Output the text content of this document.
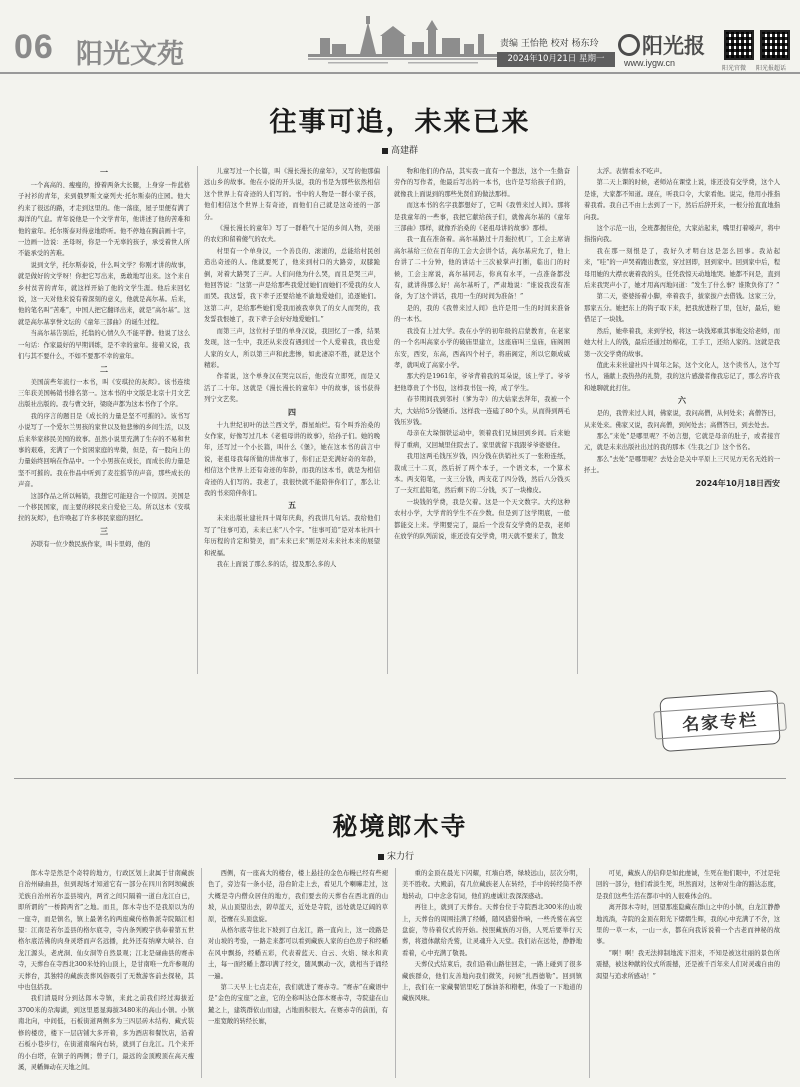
06 阳光文苑	责编 王怡艳 校对 杨东玲
2024年10月21日 星期一
阳光报
www.iygw.cn
阳光官微 阳光报超话
往事可追，未来已来
高建群

一

一个高高的、瘦瘦的，撩着两条大长腿，上身穿一件蓝格子衬衫的青年，来到俄罗斯文豪列夫·托尔斯泰的庄园。他大约来了很远的路，才走到这里的。他一落座，屋子里便有满了海洋的气息。青年说他是一个文学青年，他讲述了他的苦难和他的童年。托尔斯泰对得意地聆听。他不停地在胸前画十字，一边画一边说：圣母呀，你是一个无辜的孩子，承受着世人所不能承受的苦难。

说到文学，托尔斯泰说，什么叫文学？你刚才讲的故事，就是做好的文学呀！你把它写出来，勇敢地写出来。这个来自乡村贫苦的青年，就这样开始了他的文学生涯。他后来回忆说，这一天对他来说有着深刻的意义，他就是高尔基。后来，他的笔名叫“苦难”，中国人把它翻译出来，就是“高尔基”。这就是高尔基享誉文坛的《童年三部曲》的诞生过程。

当高尔基告别后，托翁的心情久久不能平静。他说了这么一句话：作家最好的早期训练，是不幸的童年。接着又说，我们与其不要什么，不如不要那不幸的童年。

二

美国前些年流行一本书，叫《安琪拉的灰烬》。该书连续三年获美国畅销书排名第一。这本书的中文版是北京十月文艺出版社出版的。我与曹文轩，梁晓声都为这本书作了个序。

我的序言的题目是《成长的力量是坚不可摧的》。该书写小说写了一个爱尔兰男孩的家世以及他悲惨的乡间生活，以及后来举家移民美国的故事。虽然小说里充满了生存的不易和世事的艰难，充满了一个贫困家庭的卑微，但是，有一股向上的力量始终回响在作品中。一个小男孩在成长，而成长的力量是坚不可摧的。我在作品中听到了麦茬摇节的声音，那些成长的声音。

这部作品之所以畅销，我想它可能迎合一个原因。美国是一个移民国家，而主要的移民来自爱伦三岛。所以这本《安琪拉的灰烬》，也许唤起了许多移民家庭的回忆。

三

苏联有一位少数民族作家，叫卡里姆，他的

儿童写过一个长篇，叫《漫长漫长的童年》，又写的他那偏远山乡的故事。他在小说的开头说，我的书是为那些依然相信这个世界上有奇迹的人们写的。书中的人物是一群小家子孩，他们相信这个世界上有奇迹，而他们自己就是这奇迹的一部分。

《漫长漫长的童年》写了一群稚气十足的乡间人物，美丽的农妇和留着傻气的农夫。

村里有一个单身汉，一个善良的、滚滚的，总能给村民创造出奇迹的人。他就要死了，他来到村口的大路旁，双膝跪倒，对着大路哭了三声。人们问他为什么哭，而且是哭三声，他回答说：“这第一声是给那些我爱过她们而她们不爱我的女人而哭。我这誓，我下辈子还要给她不渝地爱她们，追逐她们。这第二声，是给那些她们爱我而被我辜负了的女人而哭的，我发誓我恨她了，我下辈子会好好地爱她们。”

而第三声，这位村子里的单身汉说，我回忆了一番，结果发现，这一生中，我还从来没有遇到过一个人爱着我，我也爱人家的女人，所以第三声和此悲惨，如此凄凉不胜，就是这个精彩。

作者说，这个单身汉在哭完以后，他没有立即死，而是又活了二十年。这就是《漫长漫长的童年》中的故事，该书获得列宁文艺奖。

四

十九世纪初叶的法兰西文学，群星灿烂。有个叫乔治桑的女作家，好像写过几本《老祖母讲的故事》，给孙子们。她的晚年，还写过一个小长篇，叫什么《堡》，她在这本书的前言中说，老祖母我每所做的讲故事了，你们正是充满好奇的年龄，相信这个世界上还有奇迹的年龄，而我的这本书，就是为相信奇迹的人们写的。我老了，我很快就不能陪伴你们了，那么让我的书来陪伴你们。

五

未来出版社建社四十周年庆典，约我讲几句话。我给他们写了“往事可追，未来已来”八个字。“往事可追”是对本社四十年历程的肯定和赞美，而“未来已来”则是对未来社本来的展望和祝福。

我在上面说了那么多的话，提及那么多的人

物和他们的作品，其实我一直有一个想法，这个一生勤奋劳作的写作者，他最后写出的一本书，也许是写给孩子们的，就像我上面说到的那些先贤们的做法那样。

而这本书的名字我都想好了，它叫《我曾来过人间》。那将是我童年的一些事，我把它献给孩子们，就像高尔基的《童年三部曲》那样，就像乔治桑的《老祖母讲的故事》那样。

我一直在准备着。高尔基路过十月拖拉机厂，工会主席请高尔基给三位在百年的工会大会讲个话，高尔基应允了，他上台讲了二十分钟，他的讲话十三次被掌声打断，临出门的时候，工会主席说，高尔基同志，你真有水平，一点准备都没有，就讲得那么好！高尔基听了，严肃地说：“谁说我没有准备，为了这个讲话，我用一生的时间为准备！”

是的，我的《我曾来过人间》也许是用一生的时间来准备的一本书。

我没有上过大学。我在小学的初年级的启蒙教育，在老家的一个名叫高家小学的破庙里建立，这座庙叫三皇庙，庙阁围东安，西安，东高，西高四个村子，将庙阁定，所以它颇成威孝，就叫成了高家小学。

那大约是1961年，爷爷背着我的耳朵说，该上学了。爷爷把他尊贵了个书包，这样我书包一挎，成了学生。

春节期间我到邻村（爹为寺）的大姑家去拜年，我被一个大，大姑给5分钱硬币。这样我一连磕了80个头，从而得到两毛钱压岁钱。

母亲在大垛铜铁运动中，领着我们兄妹回到乡间。后来她得了重病，又回城里住院去了。家里就留下我跟爷爷婆婆住。

我用这两毛钱压岁钱，四分钱在供销社买了一张粉连纸，裁成三十二页，然后折了两个本子，一个语文本，一个算术本。两支铅笔，一支三分钱，两支花了四分钱，然后八分钱买了一支红蓝铅笔，然后剩下的二分钱，买了一块橡皮。

一块钱的学费，我是欠着。这是一个天文数字。大约这种农村小学，大学青的学生不在少数。但是到了这学期底，一般都能交上来。学期要完了，最后一个没有交学费的是我，老师在放学的队列前说，谁还没有交学费，明天就不要来了，散发

太浮。表情看永不吃声。

第二天上课的时候，老师站在课堂上说，谁还没有交学费，这个人是谁，大家都不知道。现在，听我口令，大家看他。说完，他用小推指着我看。我自己不由上去到了一下，然后后辞开来，一根分抬直直地指向我。

这个示范一出，全班都握住伦，大家站起来，嘴里打着嗓声，将中指指向我。

我在那一刻恨是了，我好久才明白这是怎么回事。我站起来，“哇”的一声哭着跑出教室，穿过回即，回到家中。回到家中后，程母用她的大襟衣裹着我的头，任凭我惊天动地地哭。她都不问是，直到后来我哭声小了，她才用高丙地问道：“发生了什么事？谁欺负你了？”

第二天，婆婆扬着小脚，牵着我手，拔家拔户去借钱。这家三分，那家五分。她把东上的钩子取下来，把我放进粉了里，包好，最后，她借足了一块钱。

然后，她牵着我，来到学校，将这一块钱郑重其事地交给老师，而她大村上人的钱，最后还通过纺棉花，工手工，还给人家的。这就是我第一次交学费的故事。

值此未来社建社四十周年之际，这个文化人，这个读书人，这个写书人，谨献上我热热的礼赞，我的这片感激者像我忘记了，那么容许我和她聊就此打住。

六

是的，我曾来过人间，佛家说，我问高僧，从何处来；高僧答曰，从来处来。佛家又说，我问高僧，到何处去；高僧答曰，到去处去。

那么“来处”是哪里呢？不妨言想，它就是母亲的肚子，或者接宫元，就是未来出版社出过的我的那本《生我之门》这个书名。

那么“去处”是哪里呢？去处会是关中平原上三尺见方无名无姓的一抔土。

2024年10月18日西安

名家专栏
秘境郎木寺
宋力行

郎木寺是然是个奇特的地方，行政区划上隶属于甘南藏族自治州碌曲县，但到现场才知道它有一部分在四川省阿坝藏族羌族自治州若尔盖县境内，两省之间只隔着一道白龙江白已，即所谓的“一桥跨两省”之地。而且，郎木寺也不是我原以为的一座寺，而是镇名，镇上最著名的两座藏传格鲁派寺院隔江相望：江南是若尔盖县的格尔底寺，寺内条列殿宇供奉着第五世格尔底活佛的肉身灵塔而声名远播，此外还有纳摩大峡谷、白龙江源头，老虎洞、仙女洞等自然景观；江北是碌曲县的赛赤寺，天葬台在寺西北300米处的山顶上，是甘南唯一允许参观的天葬台，其独特的藏族丧葬风俗吸引了无数游客前去探秘，其中也包括我。

我们清晨时分到达郎木寺镇，来此之前我们经过海拔近3700米的尕海湖，到这里恩显海拔3480米的高山小镇。小镇南北向，中间低，石板街道两侧多为三四层砖木结构、藏式装修的楼房，楼下一层店铺大多开着，多为酒店和餐饮店，沿着石板小巷步行，在街道南端向右转，就到了白龙江。几个来开的小白塔，在镇子的两侧；曾子门，最远的金顶殿顶在高天瘦溪，灵幡舞动在天地之间。

西侧，有一座高大的楼台，楼上悬挂的金色布幔已经有些褪色了，旁边有一条小径，沿台阶走上去，看见几个喇嘛走过，这大概是寺内僧众居住的地方，我们要去的天葬台在西北面的山坡，从山顶望出去，碧草蓝天，近处是寺院，远处就是辽阔的草原，苍鹰在头顶盘旋。

从格尔底寺往北下坡到了白龙江，路一直向上，这一段路是对山坡的考验，一路走来都可以看到藏族人家的白色房子和经幡在风中飘扬，经幡五彩，代表着蓝天、白云、火焰、绿水和黄土，每一面经幡上都印满了经文，随风飘动一次，就相当于诵经一遍。

第二天早上七点走在，我们就进了赛赤寺。“赛赤”在藏语中是“金色的宝座”之意，它的全称叫达仓郎木赛赤寺，寺院建在山麓之上，建筑群依山而建，占地面积很大。在赛赤寺的前面，有一座宽敞的转经长廊，

重的金顶在晨光下闪耀，红墙白塔，绿坡远山，层次分明，美不胜收。大殿前，有几位藏族老人在转经，手中的转经筒不停地转动，口中念念有词，他们的虔诚让我深深感动。

再往上，就到了天葬台。天葬台位于寺院西北300米的山坡上，天葬台的周围挂满了经幡，随风猎猎作响，一些秃鹫在高空盘旋，等待着仪式的开始。按照藏族的习俗，人死后要举行天葬，将遗体献给秃鹫，让灵魂升入天堂。我们站在远处，静静地看着，心中充满了敬畏。

天葬仪式结束后，我们沿着山路往回走，一路上碰到了很多藏族群众，他们友善地向我们微笑，问候“扎西德勒”。回到镇上，我们在一家藏餐馆里吃了酥油茶和糌粑，体验了一下地道的藏族风味。

可见，藏族人的信仰是如此虔诚，生死在他们眼中，不过是轮回的一部分，他们看淡生死，坦然面对，这种对生命的豁达态度，是我们这些生活在都市中的人很难体会的。

离开郎木寺时，回望那座隐藏在群山之中的小镇，白龙江静静地流淌，寺院的金顶在阳光下熠熠生辉，我的心中充满了不舍，这里的一草一木，一山一水，都在向我诉说着一个古老而神秘的故事。

“啊！啊！我无法抑制地流下泪来，不知是被这壮丽的景色所震撼，被这种献的仪式所震撼，还是被千百年来人们对灵魂自由的渴望与追求所感动！”
